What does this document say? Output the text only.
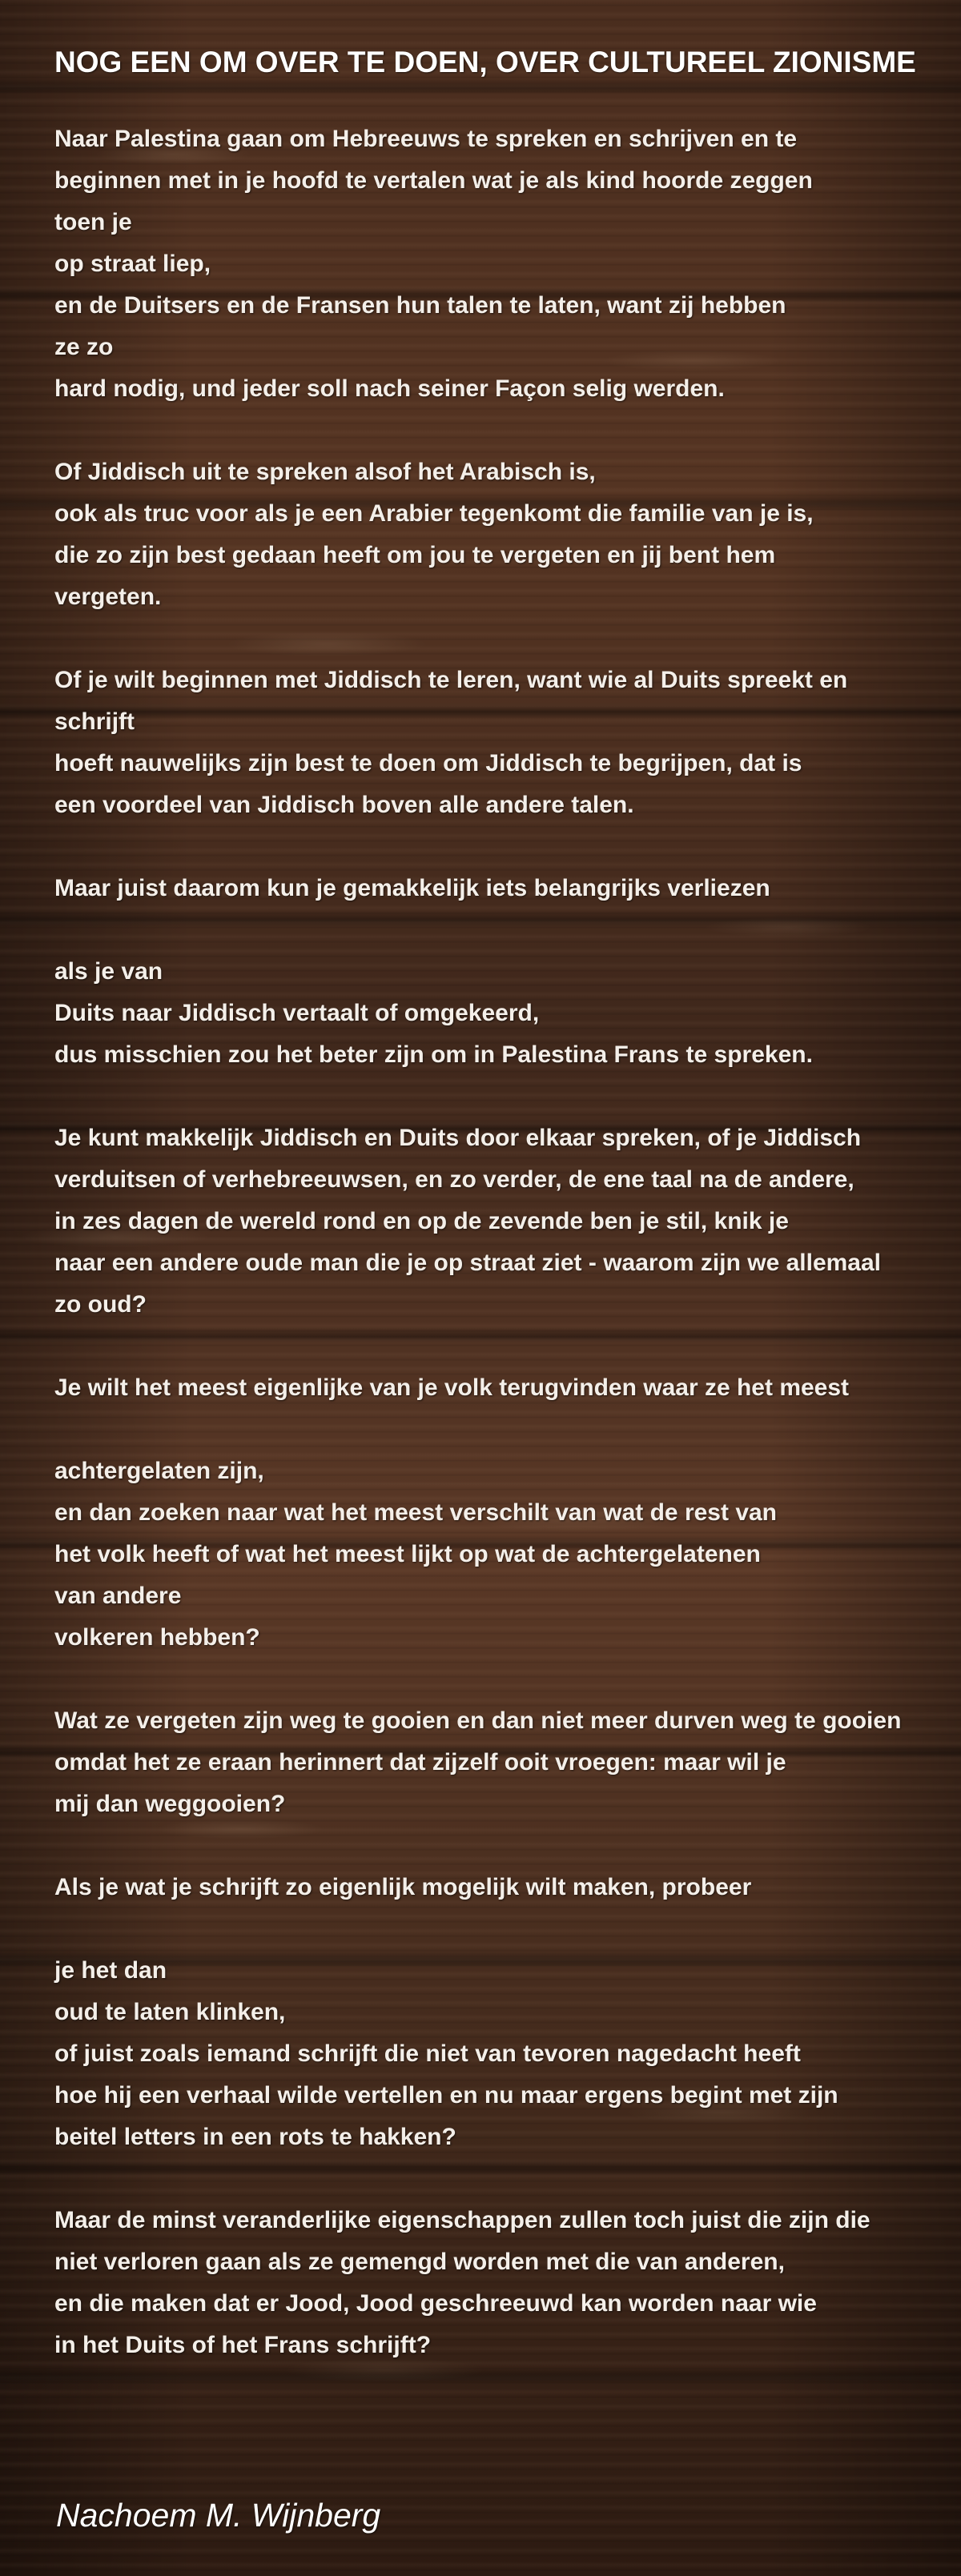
NOG EEN OM OVER TE DOEN, OVER CULTUREEL ZIONISME
Naar Palestina gaan om Hebreeuws te spreken en schrijven en te
beginnen met in je hoofd te vertalen wat je als kind hoorde zeggen
toen je
op straat liep,
en de Duitsers en de Fransen hun talen te laten, want zij hebben
ze zo
hard nodig, und jeder soll nach seiner Façon selig werden.
Of Jiddisch uit te spreken alsof het Arabisch is,
ook als truc voor als je een Arabier tegenkomt die familie van je is,
die zo zijn best gedaan heeft om jou te vergeten en jij bent hem
vergeten.
Of je wilt beginnen met Jiddisch te leren, want wie al Duits spreekt en
schrijft
hoeft nauwelijks zijn best te doen om Jiddisch te begrijpen, dat is
een voordeel van Jiddisch boven alle andere talen.
Maar juist daarom kun je gemakkelijk iets belangrijks verliezen
als je van
Duits naar Jiddisch vertaalt of omgekeerd,
dus misschien zou het beter zijn om in Palestina Frans te spreken.
Je kunt makkelijk Jiddisch en Duits door elkaar spreken, of je Jiddisch
verduitsen of verhebreeuwsen, en zo verder, de ene taal na de andere,
in zes dagen de wereld rond en op de zevende ben je stil, knik je
naar een andere oude man die je op straat ziet - waarom zijn we allemaal
zo oud?
Je wilt het meest eigenlijke van je volk terugvinden waar ze het meest
achtergelaten zijn,
en dan zoeken naar wat het meest verschilt van wat de rest van
het volk heeft of wat het meest lijkt op wat de achtergelatenen
van andere
volkeren hebben?
Wat ze vergeten zijn weg te gooien en dan niet meer durven weg te gooien
omdat het ze eraan herinnert dat zijzelf ooit vroegen: maar wil je
mij dan weggooien?
Als je wat je schrijft zo eigenlijk mogelijk wilt maken, probeer
je het dan
oud te laten klinken,
of juist zoals iemand schrijft die niet van tevoren nagedacht heeft
hoe hij een verhaal wilde vertellen en nu maar ergens begint met zijn
beitel letters in een rots te hakken?
Maar de minst veranderlijke eigenschappen zullen toch juist die zijn die
niet verloren gaan als ze gemengd worden met die van anderen,
en die maken dat er Jood, Jood geschreeuwd kan worden naar wie
in het Duits of het Frans schrijft?

Nachoem M. Wijnberg
